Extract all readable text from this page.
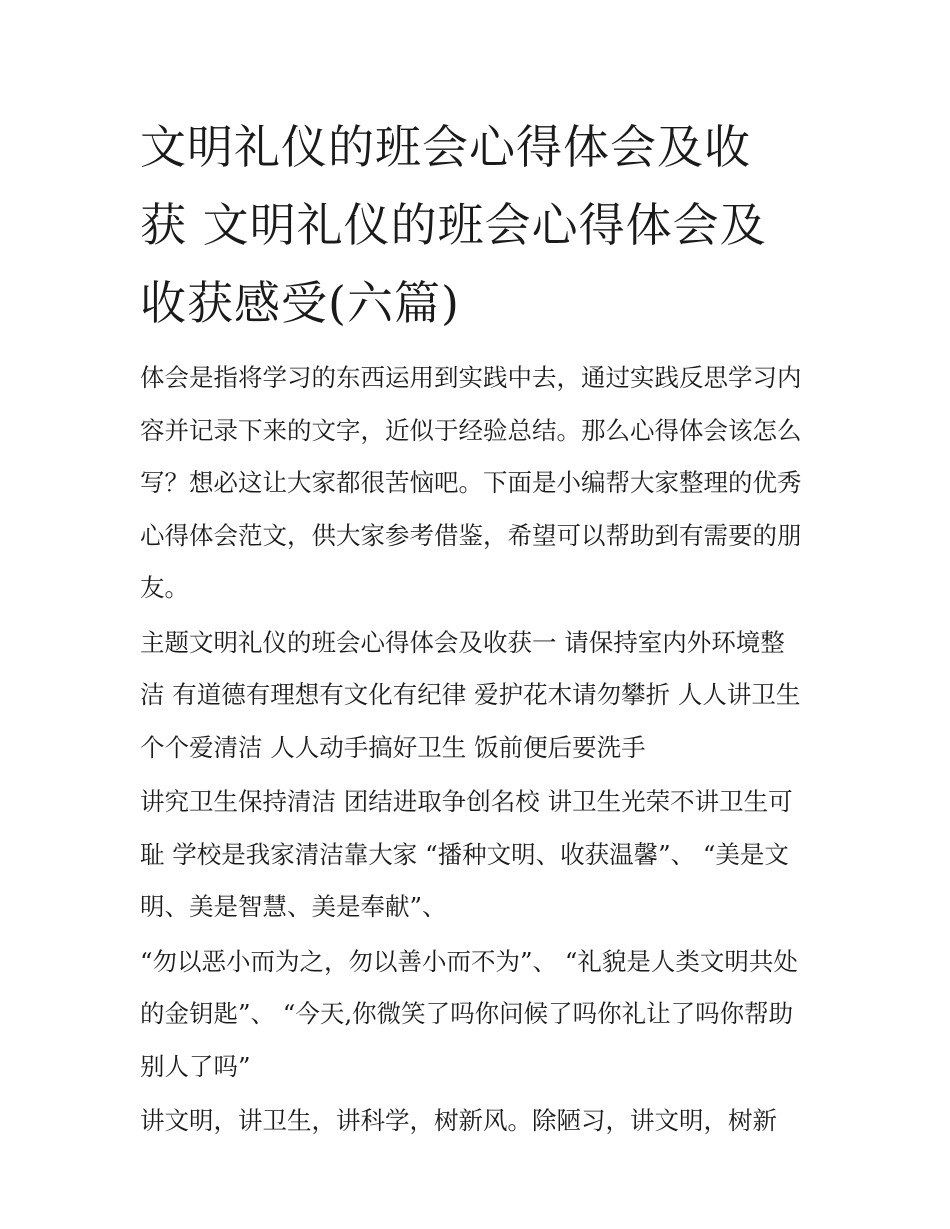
文明礼仪的班会心得体会及收
获 文明礼仪的班会心得体会及
收获感受(六篇)

体会是指将学习的东西运用到实践中去，通过实践反思学习内
容并记录下来的文字，近似于经验总结。那么心得体会该怎么
写？想必这让大家都很苦恼吧。下面是小编帮大家整理的优秀
心得体会范文，供大家参考借鉴，希望可以帮助到有需要的朋
友。

主题文明礼仪的班会心得体会及收获一 请保持室内外环境整
洁 有道德有理想有文化有纪律 爱护花木请勿攀折 人人讲卫生
个个爱清洁 人人动手搞好卫生 饭前便后要洗手

讲究卫生保持清洁 团结进取争创名校 讲卫生光荣不讲卫生可
耻 学校是我家清洁靠大家 “播种文明、收获温馨”、 “美是文
明、美是智慧、美是奉献”、

“勿以恶小而为之，勿以善小而不为”、 “礼貌是人类文明共处
的金钥匙”、 “今天,你微笑了吗你问候了吗你礼让了吗你帮助
别人了吗”

讲文明，讲卫生，讲科学，树新风。除陋习，讲文明，树新
